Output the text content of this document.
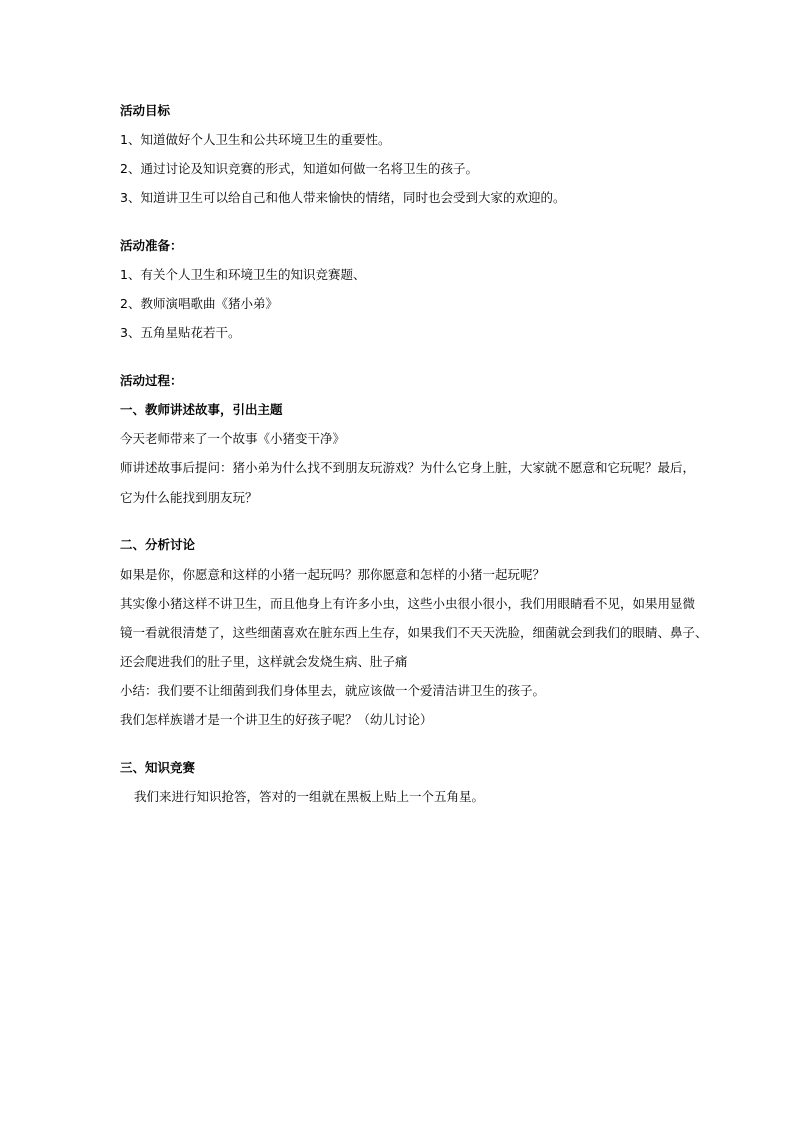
活动目标
1、知道做好个人卫生和公共环境卫生的重要性。
2、通过讨论及知识竞赛的形式，知道如何做一名将卫生的孩子。
3、知道讲卫生可以给自己和他人带来愉快的情绪，同时也会受到大家的欢迎的。
活动准备：
1、有关个人卫生和环境卫生的知识竞赛题、
2、教师演唱歌曲《猪小弟》
3、五角星贴花若干。
活动过程：
一、教师讲述故事，引出主题
今天老师带来了一个故事《小猪变干净》
师讲述故事后提问：猪小弟为什么找不到朋友玩游戏？为什么它身上脏，大家就不愿意和它玩呢？最后，
它为什么能找到朋友玩？
二、分析讨论
如果是你，你愿意和这样的小猪一起玩吗？那你愿意和怎样的小猪一起玩呢？
其实像小猪这样不讲卫生，而且他身上有许多小虫，这些小虫很小很小，我们用眼睛看不见，如果用显微
镜一看就很清楚了，这些细菌喜欢在脏东西上生存，如果我们不天天洗脸，细菌就会到我们的眼睛、鼻子、
还会爬进我们的肚子里，这样就会发烧生病、肚子痛
小结：我们要不让细菌到我们身体里去，就应该做一个爱清洁讲卫生的孩子。
我们怎样族谱才是一个讲卫生的好孩子呢？（幼儿讨论）
三、知识竞赛
我们来进行知识抢答，答对的一组就在黑板上贴上一个五角星。
